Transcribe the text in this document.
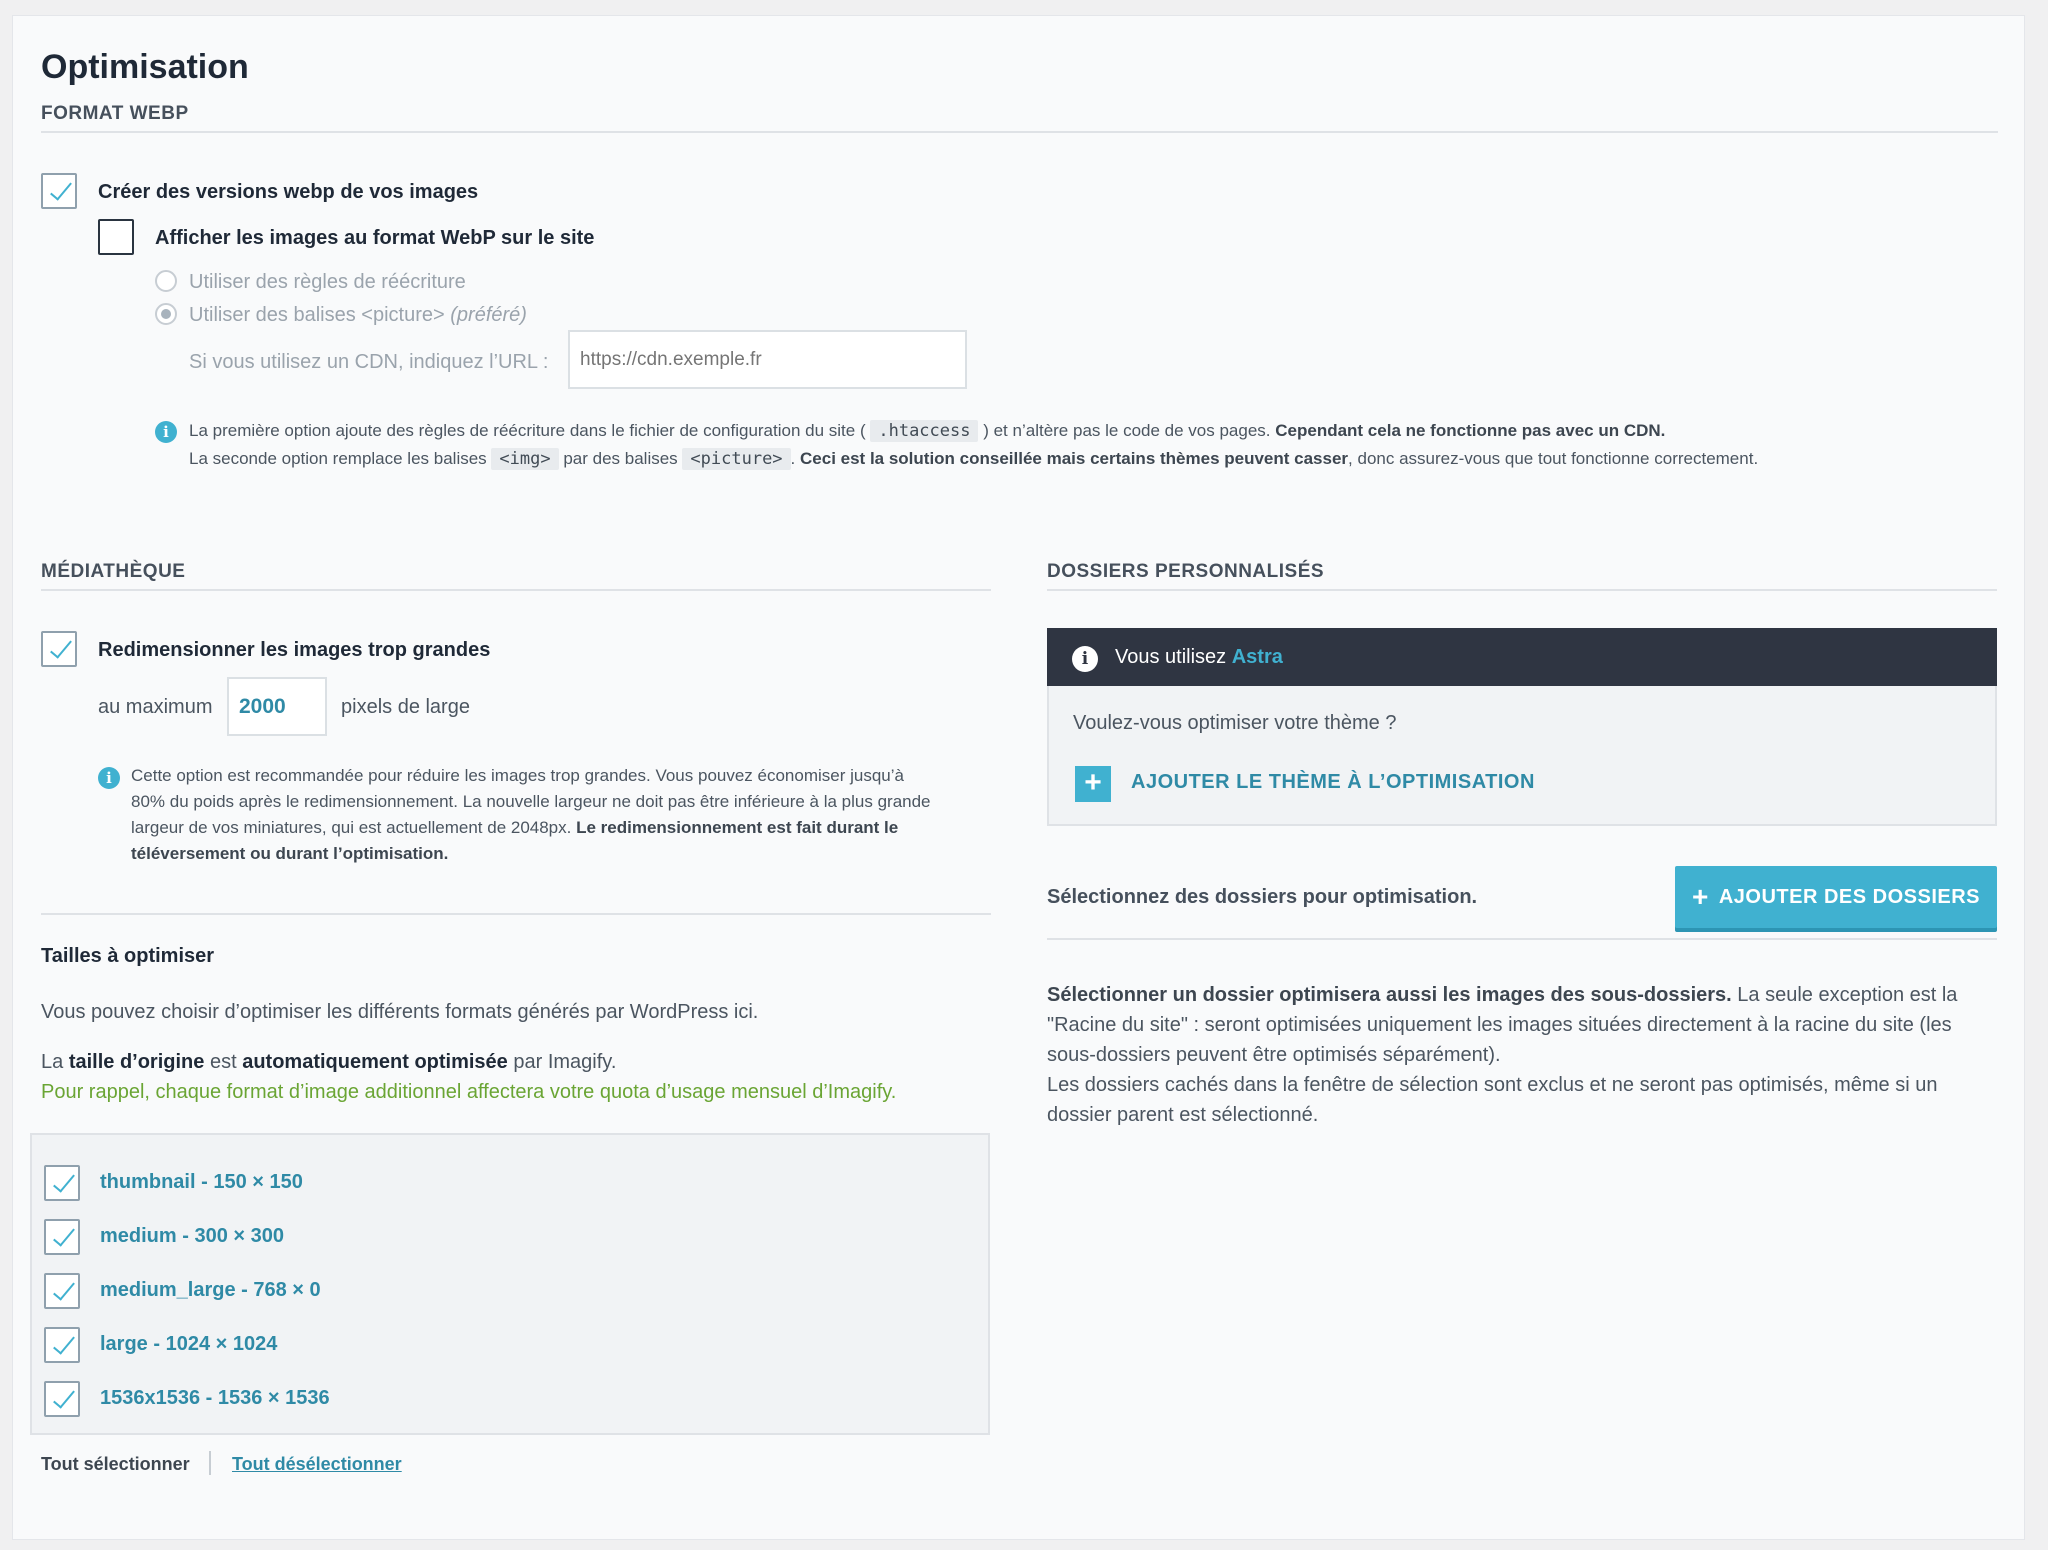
Optimisation
FORMAT WEBP
Créer des versions webp de vos images
Afficher les images au format WebP sur le site
Utiliser des règles de réécriture
Utiliser des balises <picture> (préféré)
Si vous utilisez un CDN, indiquez l’URL :
https://cdn.exemple.fr
i	La première option ajoute des règles de réécriture dans le fichier de configuration du site ( .htaccess ) et n’altère pas le code de vos pages. Cependant cela ne fonctionne pas avec un CDN.
La seconde option remplace les balises <img> par des balises <picture> . Ceci est la solution conseillée mais certains thèmes peuvent casser, donc assurez-vous que tout fonctionne correctement.
MÉDIATHÈQUE
Redimensionner les images trop grandes
au maximum
2000	pixels de large
i	Cette option est recommandée pour réduire les images trop grandes. Vous pouvez économiser jusqu’à
80% du poids après le redimensionnement. La nouvelle largeur ne doit pas être inférieure à la plus grande
largeur de vos miniatures, qui est actuellement de 2048px. Le redimensionnement est fait durant le
téléversement ou durant l’optimisation.
Tailles à optimiser
Vous pouvez choisir d’optimiser les différents formats générés par WordPress ici.
La taille d’origine est automatiquement optimisée par Imagify.
Pour rappel, chaque format d’image additionnel affectera votre quota d’usage mensuel d’Imagify.
thumbnail - 150 × 150
medium - 300 × 300
medium_large - 768 × 0
large - 1024 × 1024
1536x1536 - 1536 × 1536
Tout sélectionner Tout désélectionner
DOSSIERS PERSONNALISÉS
i	Vous utilisez Astra
Voulez-vous optimiser votre thème ?
+	AJOUTER LE THÈME À L’OPTIMISATION
Sélectionnez des dossiers pour optimisation.	+ AJOUTER DES DOSSIERS
Sélectionner un dossier optimisera aussi les images des sous-dossiers. La seule exception est la
"Racine du site" : seront optimisées uniquement les images situées directement à la racine du site (les
sous-dossiers peuvent être optimisés séparément).
Les dossiers cachés dans la fenêtre de sélection sont exclus et ne seront pas optimisés, même si un
dossier parent est sélectionné.
